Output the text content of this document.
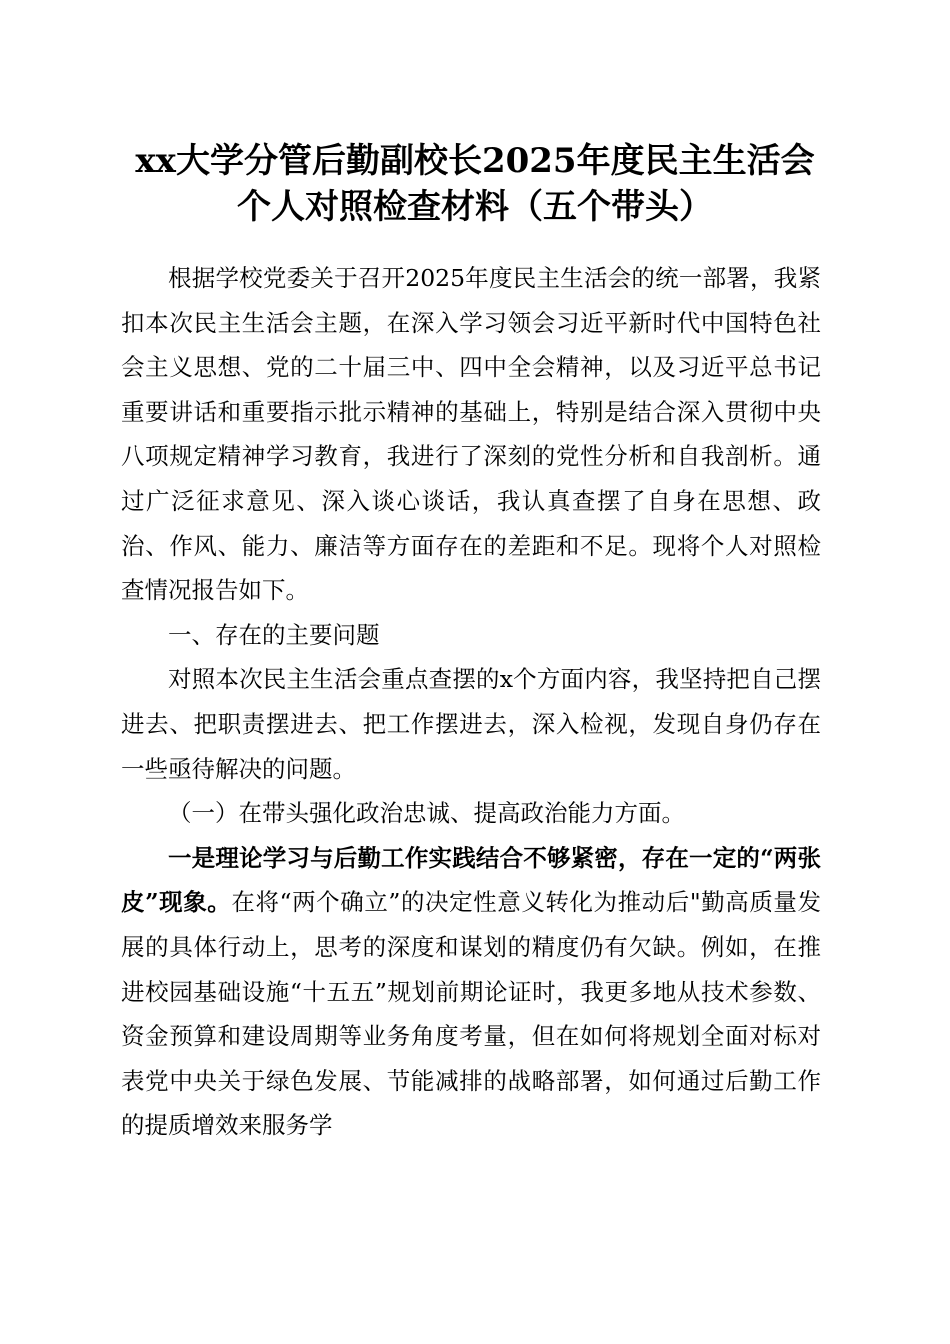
xx大学分管后勤副校长2025年度民主生活会
个人对照检查材料（五个带头）

根据学校党委关于召开2025年度民主生活会的统一部署，我紧扣本次民主生活会主题，在深入学习领会习近平新时代中国特色社会主义思想、党的二十届三中、四中全会精神，以及习近平总书记重要讲话和重要指示批示精神的基础上，特别是结合深入贯彻中央八项规定精神学习教育，我进行了深刻的党性分析和自我剖析。通过广泛征求意见、深入谈心谈话，我认真查摆了自身在思想、政治、作风、能力、廉洁等方面存在的差距和不足。现将个人对照检查情况报告如下。

一、存在的主要问题

对照本次民主生活会重点查摆的x个方面内容，我坚持把自己摆进去、把职责摆进去、把工作摆进去，深入检视，发现自身仍存在一些亟待解决的问题。

（一）在带头强化政治忠诚、提高政治能力方面。

一是理论学习与后勤工作实践结合不够紧密，存在一定的“两张皮”现象。在将“两个确立”的决定性意义转化为推动后"勤高质量发展的具体行动上，思考的深度和谋划的精度仍有欠缺。例如，在推进校园基础设施“十五五”规划前期论证时，我更多地从技术参数、资金预算和建设周期等业务角度考量，但在如何将规划全面对标对表党中央关于绿色发展、节能减排的战略部署，如何通过后勤工作的提质增效来服务学
